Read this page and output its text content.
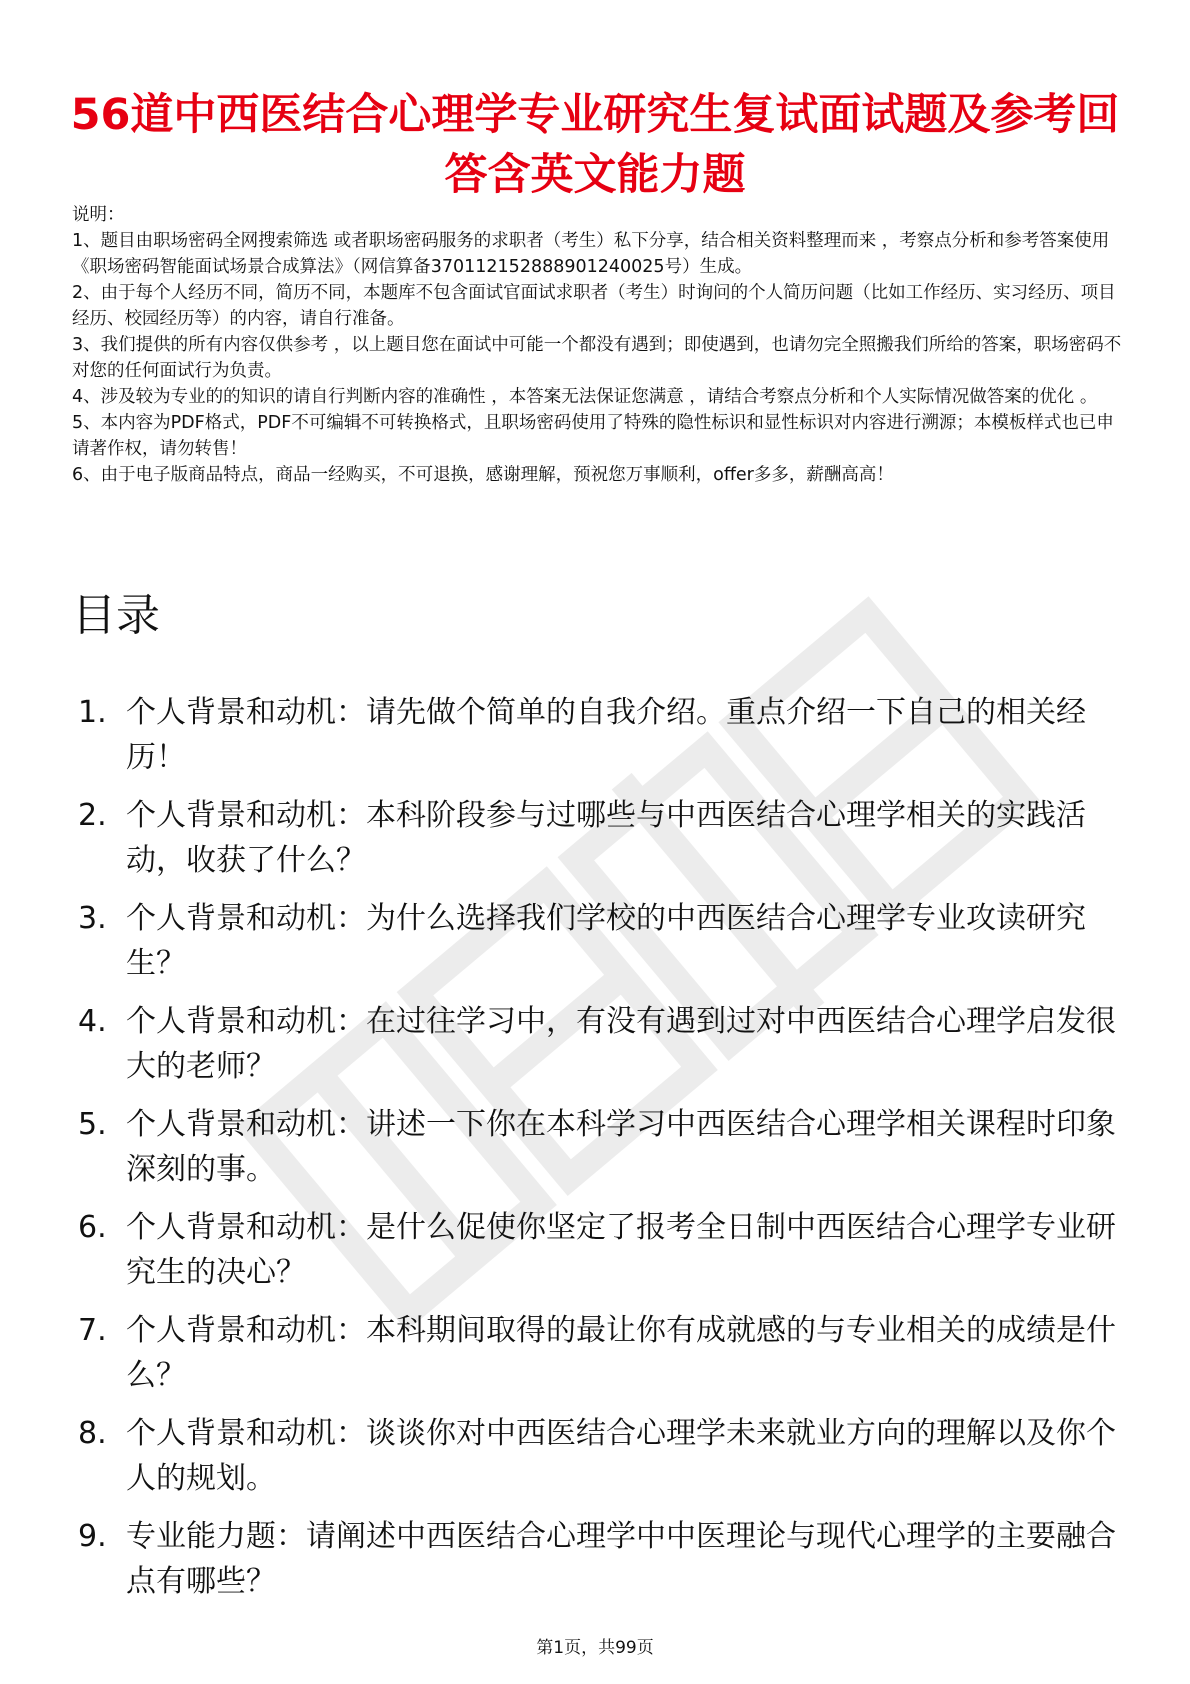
56道中西医结合心理学专业研究生复试面试题及参考回答含英文能力题

说明：

1、题目由职场密码全网搜索筛选 或者职场密码服务的求职者（考生）私下分享，结合相关资料整理而来 ，考察点分析和参考答案使用《职场密码智能面试场景合成算法》（网信算备370112152888901240025号）生成。

2、由于每个人经历不同，简历不同，本题库不包含面试官面试求职者（考生）时询问的个人简历问题（比如工作经历、实习经历、项目经历、校园经历等）的内容，请自行准备。

3、我们提供的所有内容仅供参考 ，以上题目您在面试中可能一个都没有遇到；即使遇到，也请勿完全照搬我们所给的答案，职场密码不对您的任何面试行为负责。

4、涉及较为专业的的知识的请自行判断内容的准确性 ，本答案无法保证您满意 ，请结合考察点分析和个人实际情况做答案的优化 。

5、本内容为PDF格式，PDF不可编辑不可转换格式，且职场密码使用了特殊的隐性标识和显性标识对内容进行溯源；本模板样式也已申请著作权，请勿转售！

6、由于电子版商品特点，商品一经购买，不可退换，感谢理解，预祝您万事顺利，offer多多，薪酬高高！

目录
1. 个人背景和动机：请先做个简单的自我介绍。重点介绍一下自己的相关经历！
2. 个人背景和动机：本科阶段参与过哪些与中西医结合心理学相关的实践活动，收获了什么？
3. 个人背景和动机：为什么选择我们学校的中西医结合心理学专业攻读研究生？
4. 个人背景和动机：在过往学习中，有没有遇到过对中西医结合心理学启发很大的老师？
5. 个人背景和动机：讲述一下你在本科学习中西医结合心理学相关课程时印象深刻的事。
6. 个人背景和动机：是什么促使你坚定了报考全日制中西医结合心理学专业研究生的决心？
7. 个人背景和动机：本科期间取得的最让你有成就感的与专业相关的成绩是什么？
8. 个人背景和动机：谈谈你对中西医结合心理学未来就业方向的理解以及你个人的规划。
9. 专业能力题：请阐述中西医结合心理学中中医理论与现代心理学的主要融合点有哪些？
第1页，共99页
